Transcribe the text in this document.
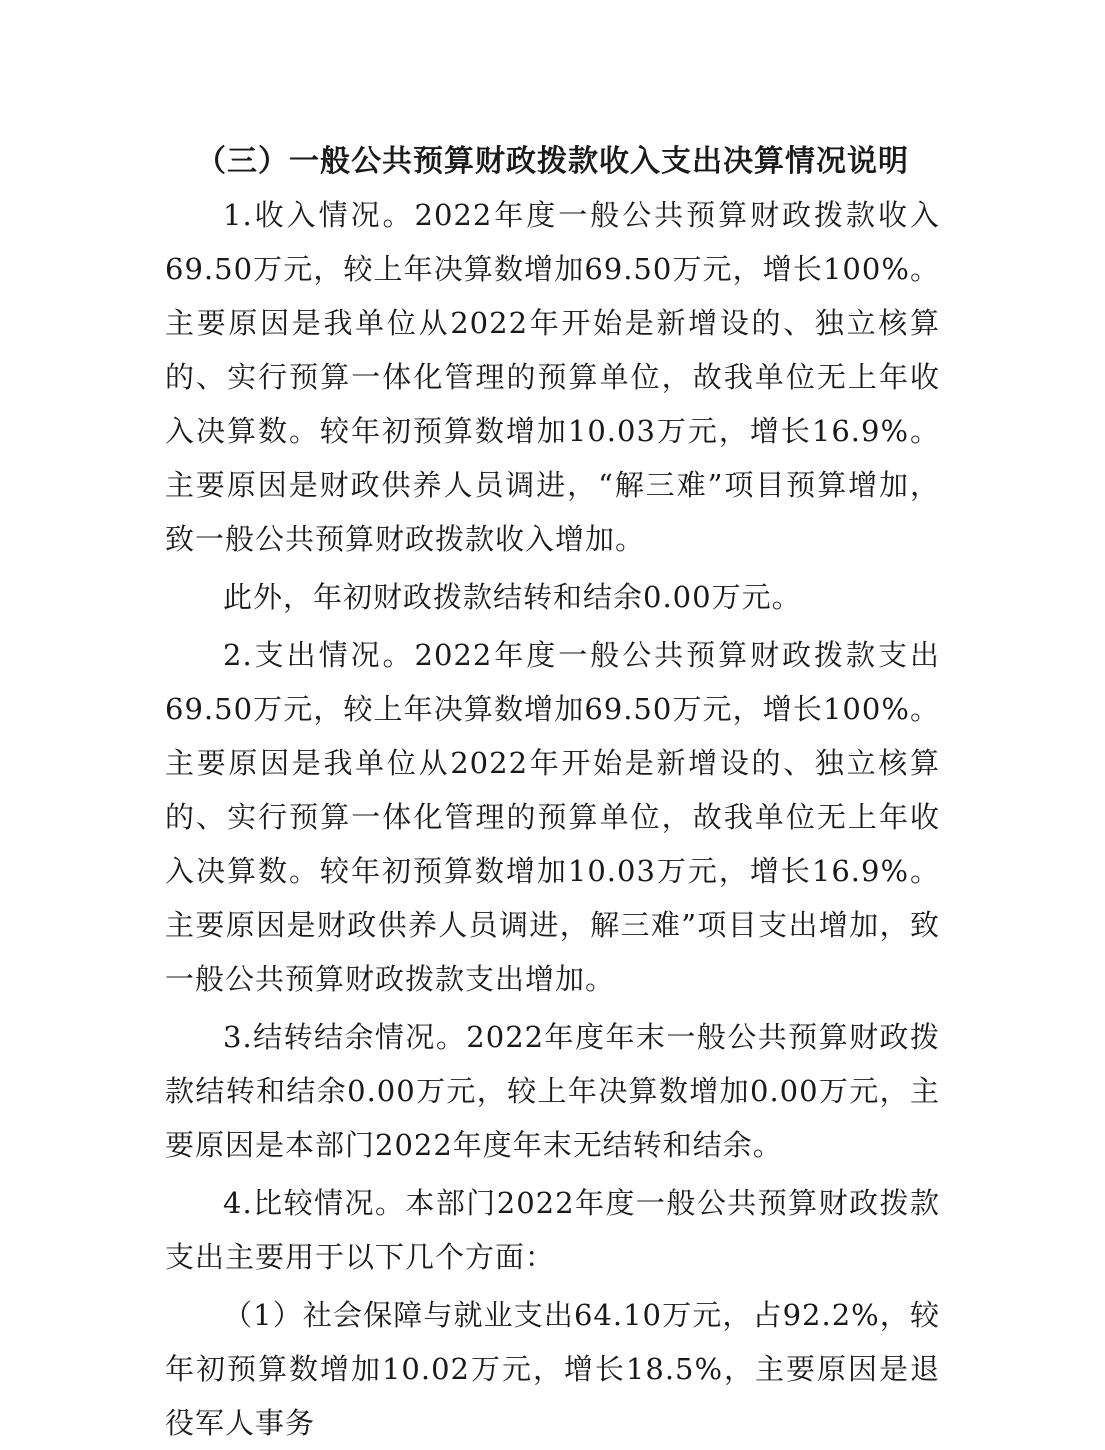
（三）一般公共预算财政拨款收入支出决算情况说明

1.收入情况。2022年度一般公共预算财政拨款收入69.50万元，较上年决算数增加69.50万元，增长100%。主要原因是我单位从2022年开始是新增设的、独立核算的、实行预算一体化管理的预算单位，故我单位无上年收入决算数。较年初预算数增加10.03万元，增长16.9%。主要原因是财政供养人员调进，“解三难”项目预算增加，致一般公共预算财政拨款收入增加。

此外，年初财政拨款结转和结余0.00万元。

2.支出情况。2022年度一般公共预算财政拨款支出69.50万元，较上年决算数增加69.50万元，增长100%。主要原因是我单位从2022年开始是新增设的、独立核算的、实行预算一体化管理的预算单位，故我单位无上年收入决算数。较年初预算数增加10.03万元，增长16.9%。主要原因是财政供养人员调进，解三难”项目支出增加，致一般公共预算财政拨款支出增加。

3.结转结余情况。2022年度年末一般公共预算财政拨款结转和结余0.00万元，较上年决算数增加0.00万元，主要原因是本部门2022年度年末无结转和结余。

4.比较情况。本部门2022年度一般公共预算财政拨款支出主要用于以下几个方面：

（1）社会保障与就业支出64.10万元，占92.2%，较年初预算数增加10.02万元，增长18.5%，主要原因是退役军人事务
